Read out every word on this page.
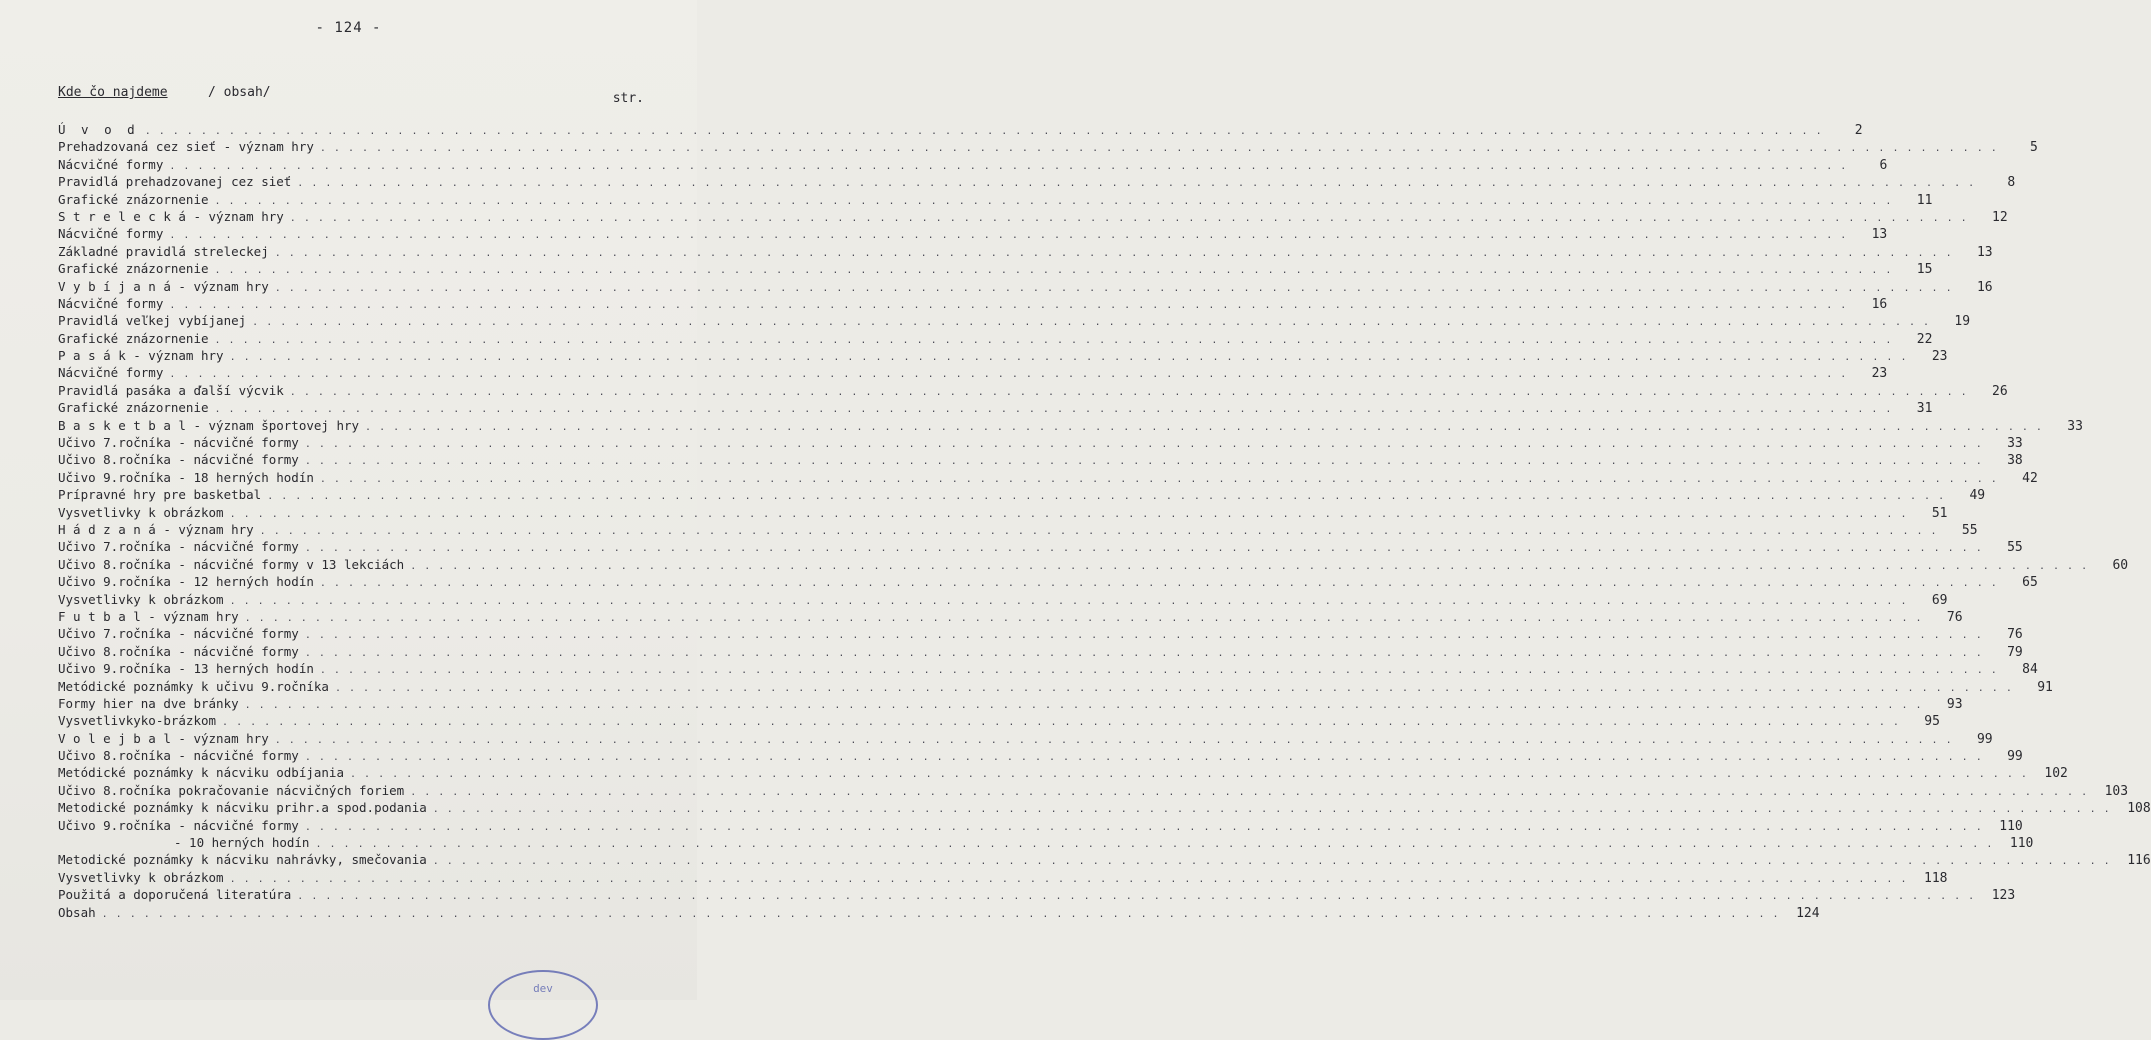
- 124 -
Kde čo najdeme	/ obsah/	str.
Ú v o d . . . . . . . . . . . . . . . . . . . . . . . . . . . . . . . . . . . . . . . . . . . . . . . . . . . . . . . . . . . . . . . . . . . . . . . . . . . . . . . . . . . . . . . . . . . . . . . . . . . . . . . . . . . . . . . . . . . . . . . .	2
Prehadzovaná cez sieť - význam hry . . . . . . . . . . . . . . . . . . . . . . . . . . . . . . . . . . . . . . . . . . . . . . . . . . . . . . . . . . . . . . . . . . . . . . . . . . . . . . . . . . . . . . . . . . . . . . . . . . . . . . . . . . . . . . . . . . . . . . . .	5
Nácvičné formy . . . . . . . . . . . . . . . . . . . . . . . . . . . . . . . . . . . . . . . . . . . . . . . . . . . . . . . . . . . . . . . . . . . . . . . . . . . . . . . . . . . . . . . . . . . . . . . . . . . . . . . . . . . . . . . . . . . . . . . .	6
Pravidlá prehadzovanej cez sieť . . . . . . . . . . . . . . . . . . . . . . . . . . . . . . . . . . . . . . . . . . . . . . . . . . . . . . . . . . . . . . . . . . . . . . . . . . . . . . . . . . . . . . . . . . . . . . . . . . . . . . . . . . . . . . . . . . . . . . . .	8
Grafické znázornenie . . . . . . . . . . . . . . . . . . . . . . . . . . . . . . . . . . . . . . . . . . . . . . . . . . . . . . . . . . . . . . . . . . . . . . . . . . . . . . . . . . . . . . . . . . . . . . . . . . . . . . . . . . . . . . . . . . . . . . . .	11
S t r e l e c k á - význam hry . . . . . . . . . . . . . . . . . . . . . . . . . . . . . . . . . . . . . . . . . . . . . . . . . . . . . . . . . . . . . . . . . . . . . . . . . . . . . . . . . . . . . . . . . . . . . . . . . . . . . . . . . . . . . . . . . . . . . . . .	12
Nácvičné formy . . . . . . . . . . . . . . . . . . . . . . . . . . . . . . . . . . . . . . . . . . . . . . . . . . . . . . . . . . . . . . . . . . . . . . . . . . . . . . . . . . . . . . . . . . . . . . . . . . . . . . . . . . . . . . . . . . . . . . . .	13
Základné pravidlá streleckej . . . . . . . . . . . . . . . . . . . . . . . . . . . . . . . . . . . . . . . . . . . . . . . . . . . . . . . . . . . . . . . . . . . . . . . . . . . . . . . . . . . . . . . . . . . . . . . . . . . . . . . . . . . . . . . . . . . . . . . .	13
Grafické znázornenie . . . . . . . . . . . . . . . . . . . . . . . . . . . . . . . . . . . . . . . . . . . . . . . . . . . . . . . . . . . . . . . . . . . . . . . . . . . . . . . . . . . . . . . . . . . . . . . . . . . . . . . . . . . . . . . . . . . . . . . .	15
V y b í j a n á - význam hry . . . . . . . . . . . . . . . . . . . . . . . . . . . . . . . . . . . . . . . . . . . . . . . . . . . . . . . . . . . . . . . . . . . . . . . . . . . . . . . . . . . . . . . . . . . . . . . . . . . . . . . . . . . . . . . . . . . . . . . .	16
Nácvičné formy . . . . . . . . . . . . . . . . . . . . . . . . . . . . . . . . . . . . . . . . . . . . . . . . . . . . . . . . . . . . . . . . . . . . . . . . . . . . . . . . . . . . . . . . . . . . . . . . . . . . . . . . . . . . . . . . . . . . . . . .	16
Pravidlá veľkej vybíjanej . . . . . . . . . . . . . . . . . . . . . . . . . . . . . . . . . . . . . . . . . . . . . . . . . . . . . . . . . . . . . . . . . . . . . . . . . . . . . . . . . . . . . . . . . . . . . . . . . . . . . . . . . . . . . . . . . . . . . . . .	19
Grafické znázornenie . . . . . . . . . . . . . . . . . . . . . . . . . . . . . . . . . . . . . . . . . . . . . . . . . . . . . . . . . . . . . . . . . . . . . . . . . . . . . . . . . . . . . . . . . . . . . . . . . . . . . . . . . . . . . . . . . . . . . . . .	22
P a s á k - význam hry . . . . . . . . . . . . . . . . . . . . . . . . . . . . . . . . . . . . . . . . . . . . . . . . . . . . . . . . . . . . . . . . . . . . . . . . . . . . . . . . . . . . . . . . . . . . . . . . . . . . . . . . . . . . . . . . . . . . . . . .	23
Nácvičné formy . . . . . . . . . . . . . . . . . . . . . . . . . . . . . . . . . . . . . . . . . . . . . . . . . . . . . . . . . . . . . . . . . . . . . . . . . . . . . . . . . . . . . . . . . . . . . . . . . . . . . . . . . . . . . . . . . . . . . . . .	23
Pravidlá pasáka a ďalší výcvik . . . . . . . . . . . . . . . . . . . . . . . . . . . . . . . . . . . . . . . . . . . . . . . . . . . . . . . . . . . . . . . . . . . . . . . . . . . . . . . . . . . . . . . . . . . . . . . . . . . . . . . . . . . . . . . . . . . . . . . .	26
Grafické znázornenie . . . . . . . . . . . . . . . . . . . . . . . . . . . . . . . . . . . . . . . . . . . . . . . . . . . . . . . . . . . . . . . . . . . . . . . . . . . . . . . . . . . . . . . . . . . . . . . . . . . . . . . . . . . . . . . . . . . . . . . .	31
B a s k e t b a l - význam športovej hry . . . . . . . . . . . . . . . . . . . . . . . . . . . . . . . . . . . . . . . . . . . . . . . . . . . . . . . . . . . . . . . . . . . . . . . . . . . . . . . . . . . . . . . . . . . . . . . . . . . . . . . . . . . . . . . . . . . . . . . .	33
Učivo 7.ročníka - nácvičné formy . . . . . . . . . . . . . . . . . . . . . . . . . . . . . . . . . . . . . . . . . . . . . . . . . . . . . . . . . . . . . . . . . . . . . . . . . . . . . . . . . . . . . . . . . . . . . . . . . . . . . . . . . . . . . . . . . . . . . . . .	33
Učivo 8.ročníka - nácvičné formy . . . . . . . . . . . . . . . . . . . . . . . . . . . . . . . . . . . . . . . . . . . . . . . . . . . . . . . . . . . . . . . . . . . . . . . . . . . . . . . . . . . . . . . . . . . . . . . . . . . . . . . . . . . . . . . . . . . . . . . .	38
Učivo 9.ročníka - 18 herných hodín . . . . . . . . . . . . . . . . . . . . . . . . . . . . . . . . . . . . . . . . . . . . . . . . . . . . . . . . . . . . . . . . . . . . . . . . . . . . . . . . . . . . . . . . . . . . . . . . . . . . . . . . . . . . . . . . . . . . . . . .	42
Prípravné hry pre basketbal . . . . . . . . . . . . . . . . . . . . . . . . . . . . . . . . . . . . . . . . . . . . . . . . . . . . . . . . . . . . . . . . . . . . . . . . . . . . . . . . . . . . . . . . . . . . . . . . . . . . . . . . . . . . . . . . . . . . . . . .	49
Vysvetlivky k obrázkom . . . . . . . . . . . . . . . . . . . . . . . . . . . . . . . . . . . . . . . . . . . . . . . . . . . . . . . . . . . . . . . . . . . . . . . . . . . . . . . . . . . . . . . . . . . . . . . . . . . . . . . . . . . . . . . . . . . . . . . .	51
H á d z a n á - význam hry . . . . . . . . . . . . . . . . . . . . . . . . . . . . . . . . . . . . . . . . . . . . . . . . . . . . . . . . . . . . . . . . . . . . . . . . . . . . . . . . . . . . . . . . . . . . . . . . . . . . . . . . . . . . . . . . . . . . . . . .	55
Učivo 7.ročníka - nácvičné formy . . . . . . . . . . . . . . . . . . . . . . . . . . . . . . . . . . . . . . . . . . . . . . . . . . . . . . . . . . . . . . . . . . . . . . . . . . . . . . . . . . . . . . . . . . . . . . . . . . . . . . . . . . . . . . . . . . . . . . . .	55
Učivo 8.ročníka - nácvičné formy v 13 lekciách . . . . . . . . . . . . . . . . . . . . . . . . . . . . . . . . . . . . . . . . . . . . . . . . . . . . . . . . . . . . . . . . . . . . . . . . . . . . . . . . . . . . . . . . . . . . . . . . . . . . . . . . . . . . . . . . . . . . . . . .	60
Učivo 9.ročníka - 12 herných hodín . . . . . . . . . . . . . . . . . . . . . . . . . . . . . . . . . . . . . . . . . . . . . . . . . . . . . . . . . . . . . . . . . . . . . . . . . . . . . . . . . . . . . . . . . . . . . . . . . . . . . . . . . . . . . . . . . . . . . . . .	65
Vysvetlivky k obrázkom . . . . . . . . . . . . . . . . . . . . . . . . . . . . . . . . . . . . . . . . . . . . . . . . . . . . . . . . . . . . . . . . . . . . . . . . . . . . . . . . . . . . . . . . . . . . . . . . . . . . . . . . . . . . . . . . . . . . . . . .	69
F u t b a l - význam hry . . . . . . . . . . . . . . . . . . . . . . . . . . . . . . . . . . . . . . . . . . . . . . . . . . . . . . . . . . . . . . . . . . . . . . . . . . . . . . . . . . . . . . . . . . . . . . . . . . . . . . . . . . . . . . . . . . . . . . . .	76
Učivo 7.ročníka - nácvičné formy . . . . . . . . . . . . . . . . . . . . . . . . . . . . . . . . . . . . . . . . . . . . . . . . . . . . . . . . . . . . . . . . . . . . . . . . . . . . . . . . . . . . . . . . . . . . . . . . . . . . . . . . . . . . . . . . . . . . . . . .	76
Učivo 8.ročníka - nácvičné formy . . . . . . . . . . . . . . . . . . . . . . . . . . . . . . . . . . . . . . . . . . . . . . . . . . . . . . . . . . . . . . . . . . . . . . . . . . . . . . . . . . . . . . . . . . . . . . . . . . . . . . . . . . . . . . . . . . . . . . . .	79
Učivo 9.ročníka - 13 herných hodín . . . . . . . . . . . . . . . . . . . . . . . . . . . . . . . . . . . . . . . . . . . . . . . . . . . . . . . . . . . . . . . . . . . . . . . . . . . . . . . . . . . . . . . . . . . . . . . . . . . . . . . . . . . . . . . . . . . . . . . .	84
Metódické poznámky k učivu 9.ročníka . . . . . . . . . . . . . . . . . . . . . . . . . . . . . . . . . . . . . . . . . . . . . . . . . . . . . . . . . . . . . . . . . . . . . . . . . . . . . . . . . . . . . . . . . . . . . . . . . . . . . . . . . . . . . . . . . . . . . . . .	91
Formy hier na dve bránky . . . . . . . . . . . . . . . . . . . . . . . . . . . . . . . . . . . . . . . . . . . . . . . . . . . . . . . . . . . . . . . . . . . . . . . . . . . . . . . . . . . . . . . . . . . . . . . . . . . . . . . . . . . . . . . . . . . . . . . .	93
Vysvetlivkyko-brázkom . . . . . . . . . . . . . . . . . . . . . . . . . . . . . . . . . . . . . . . . . . . . . . . . . . . . . . . . . . . . . . . . . . . . . . . . . . . . . . . . . . . . . . . . . . . . . . . . . . . . . . . . . . . . . . . . . . . . . . . .	95
V o l e j b a l - význam hry . . . . . . . . . . . . . . . . . . . . . . . . . . . . . . . . . . . . . . . . . . . . . . . . . . . . . . . . . . . . . . . . . . . . . . . . . . . . . . . . . . . . . . . . . . . . . . . . . . . . . . . . . . . . . . . . . . . . . . . .	99
Učivo 8.ročníka - nácvičné formy . . . . . . . . . . . . . . . . . . . . . . . . . . . . . . . . . . . . . . . . . . . . . . . . . . . . . . . . . . . . . . . . . . . . . . . . . . . . . . . . . . . . . . . . . . . . . . . . . . . . . . . . . . . . . . . . . . . . . . . .	99
Metódické poznámky k nácviku odbíjania . . . . . . . . . . . . . . . . . . . . . . . . . . . . . . . . . . . . . . . . . . . . . . . . . . . . . . . . . . . . . . . . . . . . . . . . . . . . . . . . . . . . . . . . . . . . . . . . . . . . . . . . . . . . . . . . . . . . . . . .	102
Učivo 8.ročníka pokračovanie nácvičných foriem . . . . . . . . . . . . . . . . . . . . . . . . . . . . . . . . . . . . . . . . . . . . . . . . . . . . . . . . . . . . . . . . . . . . . . . . . . . . . . . . . . . . . . . . . . . . . . . . . . . . . . . . . . . . . . . . . . . . . . . .	103
Metodické poznámky k nácviku prihr.a spod.podania . . . . . . . . . . . . . . . . . . . . . . . . . . . . . . . . . . . . . . . . . . . . . . . . . . . . . . . . . . . . . . . . . . . . . . . . . . . . . . . . . . . . . . . . . . . . . . . . . . . . . . . . . . . . . . . . . . . . . . . .	108
Učivo 9.ročníka - nácvičné formy . . . . . . . . . . . . . . . . . . . . . . . . . . . . . . . . . . . . . . . . . . . . . . . . . . . . . . . . . . . . . . . . . . . . . . . . . . . . . . . . . . . . . . . . . . . . . . . . . . . . . . . . . . . . . . . . . . . . . . . .	110
- 10 herných hodín . . . . . . . . . . . . . . . . . . . . . . . . . . . . . . . . . . . . . . . . . . . . . . . . . . . . . . . . . . . . . . . . . . . . . . . . . . . . . . . . . . . . . . . . . . . . . . . . . . . . . . . . . . . . . . . . . . . . . . . .	110
Metodické poznámky k nácviku nahrávky, smečovania . . . . . . . . . . . . . . . . . . . . . . . . . . . . . . . . . . . . . . . . . . . . . . . . . . . . . . . . . . . . . . . . . . . . . . . . . . . . . . . . . . . . . . . . . . . . . . . . . . . . . . . . . . . . . . . . . . . . . . . .	116
Vysvetlivky k obrázkom . . . . . . . . . . . . . . . . . . . . . . . . . . . . . . . . . . . . . . . . . . . . . . . . . . . . . . . . . . . . . . . . . . . . . . . . . . . . . . . . . . . . . . . . . . . . . . . . . . . . . . . . . . . . . . . . . . . . . . . .	118
Použitá a doporučená literatúra . . . . . . . . . . . . . . . . . . . . . . . . . . . . . . . . . . . . . . . . . . . . . . . . . . . . . . . . . . . . . . . . . . . . . . . . . . . . . . . . . . . . . . . . . . . . . . . . . . . . . . . . . . . . . . . . . . . . . . . .	123
Obsah . . . . . . . . . . . . . . . . . . . . . . . . . . . . . . . . . . . . . . . . . . . . . . . . . . . . . . . . . . . . . . . . . . . . . . . . . . . . . . . . . . . . . . . . . . . . . . . . . . . . . . . . . . . . . . . . . . . . . . . .	124
dev
